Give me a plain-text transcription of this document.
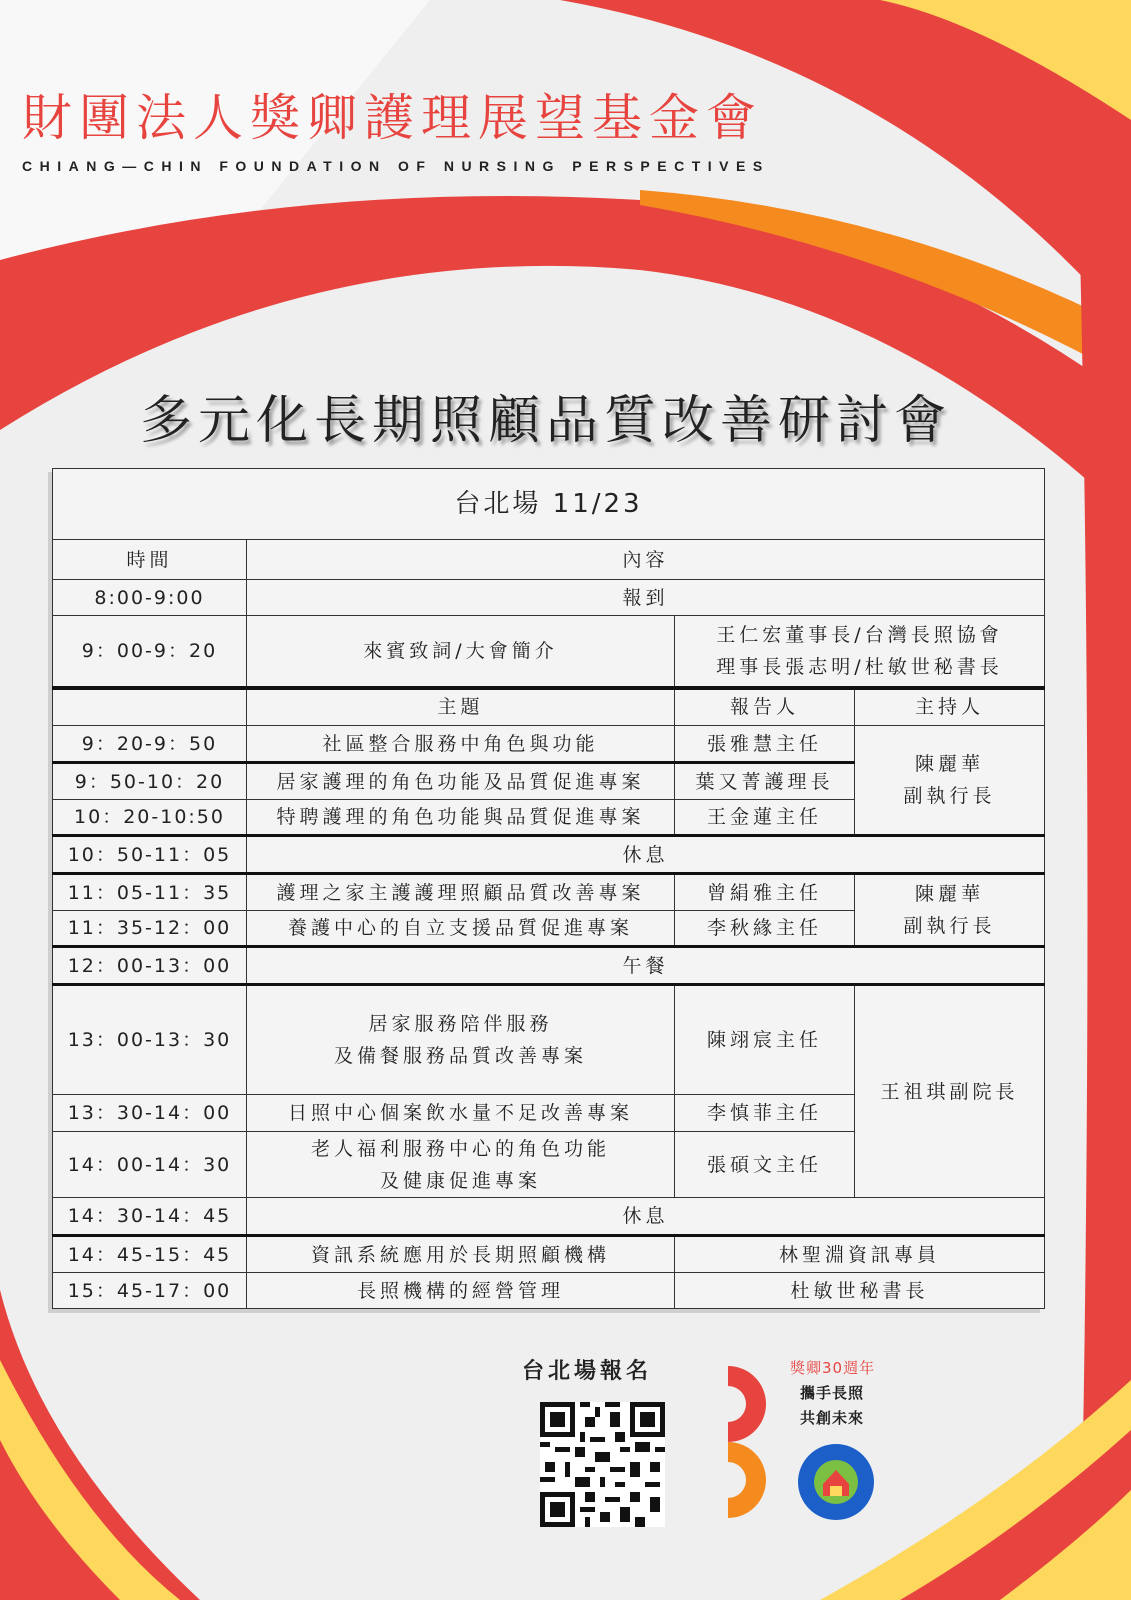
財團法人獎卿護理展望基金會
CHIANG—CHIN FOUNDATION OF NURSING PERSPECTIVES
多元化長期照顧品質改善研討會
台北場 11/23			
時間	內容		
8:00-9:00	報到		
9：00-9：20	來賓致詞/大會簡介	王仁宏董事長/台灣長照協會
理事長張志明/杜敏世秘書長	

	主題	報告人	主持人
9：20-9：50	社區整合服務中角色與功能	張雅慧主任	陳麗華
副執行長

9：50-10：20	居家護理的角色功能及品質促進專案	葉又菁護理長	
10：20-10:50	特聘護理的角色功能與品質促進專案	王金蓮主任	
10：50-11：05	休息		
11：05-11：35	護理之家主護護理照顧品質改善專案	曾絹雅主任	陳麗華
副執行長

11：35-12：00	養護中心的自立支援品質促進專案	李秋緣主任	
12：00-13：00	午餐		
13：00-13：30	居家服務陪伴服務
及備餐服務品質改善專案	陳翊宸主任	王祖琪副院長
13：30-14：00	日照中心個案飲水量不足改善專案	李慎菲主任	
14：00-14：30	老人福利服務中心的角色功能
及健康促進專案	張碩文主任	
14：30-14：45	休息		
14：45-15：45	資訊系統應用於長期照顧機構	林聖淵資訊專員	
15：45-17：00	長照機構的經營管理	杜敏世秘書長	
台北場報名	獎卿30週年
攜手長照
共創未來
